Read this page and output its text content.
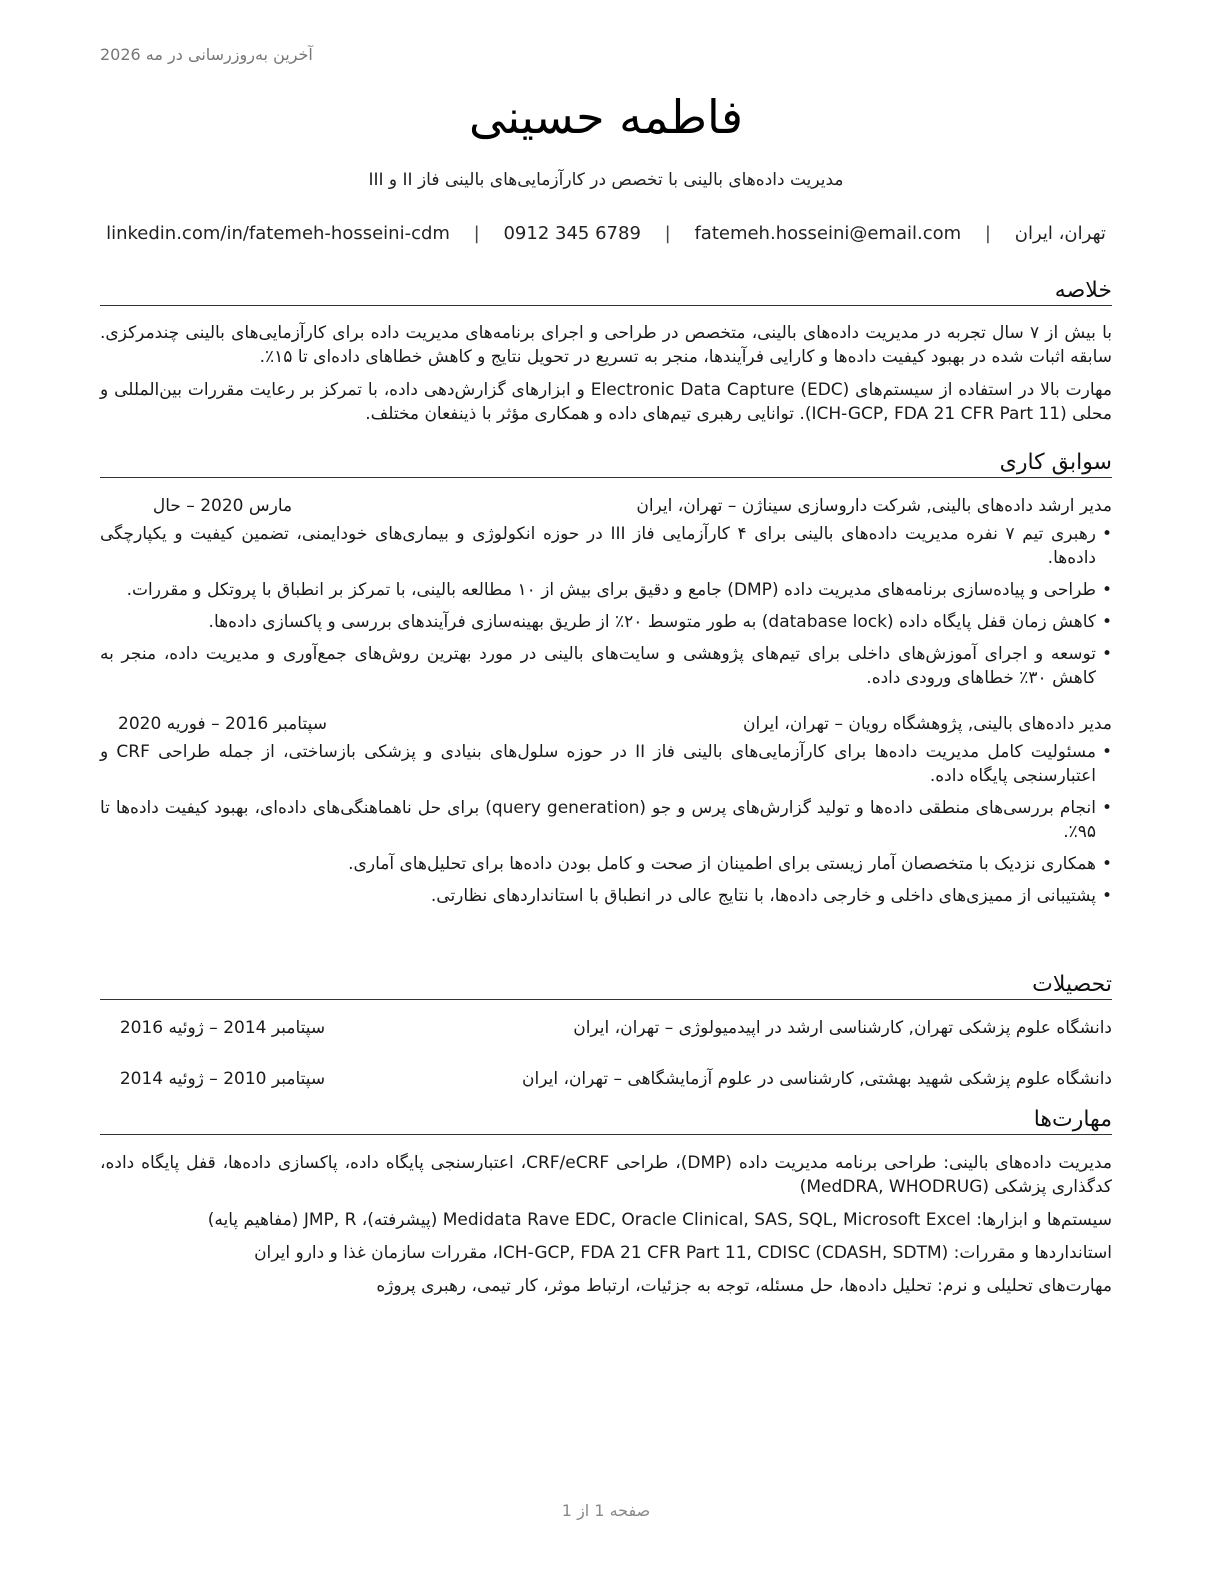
آخرین به‌روزرسانی در مه 2026
فاطمه حسینی
مدیریت داده‌های بالینی با تخصص در کارآزمایی‌های بالینی فاز II و III
تهران، ایران | fatemeh.hosseini@email.com | 0912 345 6789 | linkedin.com/in/fatemeh-hosseini-cdm
خلاصه

با بیش از ۷ سال تجربه در مدیریت داده‌های بالینی، متخصص در طراحی و اجرای برنامه‌های مدیریت داده برای کارآزمایی‌های بالینی چندمرکزی. سابقه اثبات شده در بهبود کیفیت داده‌ها و کارایی فرآیندها، منجر به تسریع در تحویل نتایج و کاهش خطاهای داده‌ای تا ۱۵٪.

مهارت بالا در استفاده از سیستم‌های Electronic Data Capture (EDC) و ابزارهای گزارش‌دهی داده، با تمرکز بر رعایت مقررات بین‌المللی و محلی (ICH-GCP, FDA 21 CFR Part 11). توانایی رهبری تیم‌های داده و همکاری مؤثر با ذینفعان مختلف.

سوابق کاری
مدیر ارشد داده‌های بالینی, شرکت داروسازی سیناژن – تهران، ایران
مارس 2020 – حال
• رهبری تیم ۷ نفره مدیریت داده‌های بالینی برای ۴ کارآزمایی فاز III در حوزه انکولوژی و بیماری‌های خودایمنی، تضمین کیفیت و یکپارچگی داده‌ها.
• طراحی و پیاده‌سازی برنامه‌های مدیریت داده (DMP) جامع و دقیق برای بیش از ۱۰ مطالعه بالینی، با تمرکز بر انطباق با پروتکل و مقررات.
• کاهش زمان قفل پایگاه داده (database lock) به طور متوسط ۲۰٪ از طریق بهینه‌سازی فرآیندهای بررسی و پاکسازی داده‌ها.
• توسعه و اجرای آموزش‌های داخلی برای تیم‌های پژوهشی و سایت‌های بالینی در مورد بهترین روش‌های جمع‌آوری و مدیریت داده، منجر به کاهش ۳۰٪ خطاهای ورودی داده.
مدیر داده‌های بالینی, پژوهشگاه رویان – تهران، ایران
سپتامبر 2016 – فوریه 2020
• مسئولیت کامل مدیریت داده‌ها برای کارآزمایی‌های بالینی فاز II در حوزه سلول‌های بنیادی و پزشکی بازساختی، از جمله طراحی CRF و اعتبارسنجی پایگاه داده.
• انجام بررسی‌های منطقی داده‌ها و تولید گزارش‌های پرس و جو (query generation) برای حل ناهماهنگی‌های داده‌ای، بهبود کیفیت داده‌ها تا ۹۵٪.
• همکاری نزدیک با متخصصان آمار زیستی برای اطمینان از صحت و کامل بودن داده‌ها برای تحلیل‌های آماری.
• پشتیبانی از ممیزی‌های داخلی و خارجی داده‌ها، با نتایج عالی در انطباق با استانداردهای نظارتی.
تحصیلات
دانشگاه علوم پزشکی تهران, کارشناسی ارشد در اپیدمیولوژی – تهران، ایران
سپتامبر 2014 – ژوئیه 2016
دانشگاه علوم پزشکی شهید بهشتی, کارشناسی در علوم آزمایشگاهی – تهران، ایران
سپتامبر 2010 – ژوئیه 2014
مهارت‌ها
مدیریت داده‌های بالینی: طراحی برنامه مدیریت داده (DMP)، طراحی CRF/eCRF، اعتبارسنجی پایگاه داده، پاکسازی داده‌ها، قفل پایگاه داده، کدگذاری پزشکی (MedDRA, WHODRUG)
سیستم‌ها و ابزارها: Medidata Rave EDC, Oracle Clinical, SAS, SQL, Microsoft Excel (پیشرفته)، JMP, R (مفاهیم پایه)
استانداردها و مقررات: ICH-GCP, FDA 21 CFR Part 11, CDISC (CDASH, SDTM)، مقررات سازمان غذا و دارو ایران
مهارت‌های تحلیلی و نرم: تحلیل داده‌ها، حل مسئله، توجه به جزئیات، ارتباط موثر، کار تیمی، رهبری پروژه
صفحه 1 از 1
